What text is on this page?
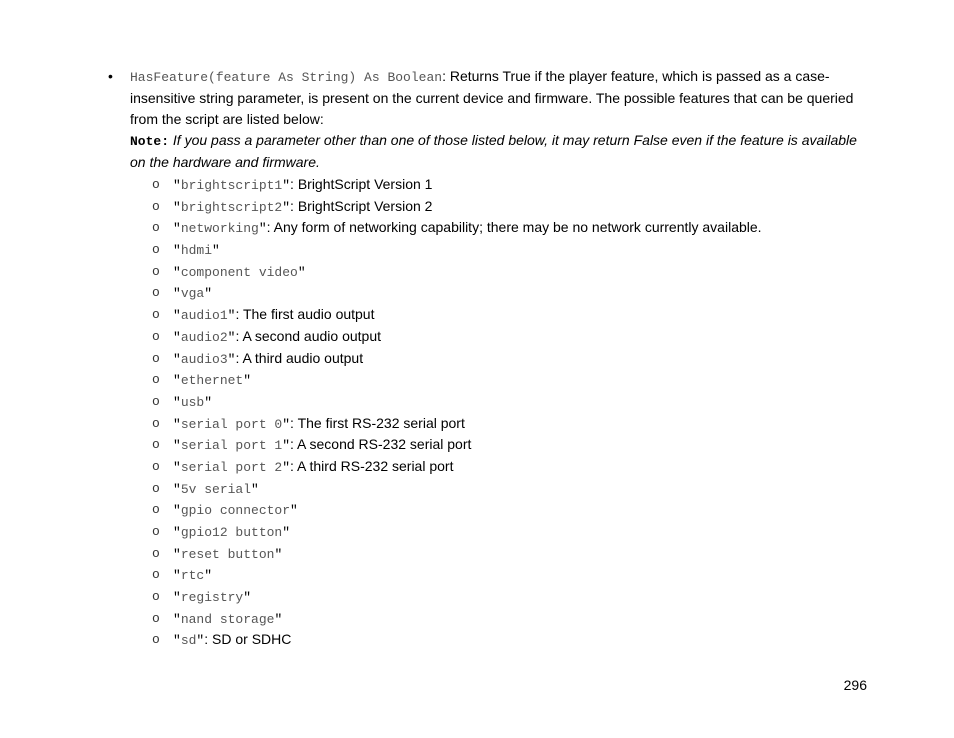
• HasFeature(feature As String) As Boolean: Returns True if the player feature, which is passed as a case-insensitive string parameter, is present on the current device and firmware. The possible features that can be queried from the script are listed below:
Note: If you pass a parameter other than one of those listed below, it may return False even if the feature is available on the hardware and firmware.
o "brightscript1": BrightScript Version 1
o "brightscript2": BrightScript Version 2
o "networking": Any form of networking capability; there may be no network currently available.
o "hdmi"
o "component video"
o "vga"
o "audio1": The first audio output
o "audio2": A second audio output
o "audio3": A third audio output
o "ethernet"
o "usb"
o "serial port 0": The first RS-232 serial port
o "serial port 1": A second RS-232 serial port
o "serial port 2": A third RS-232 serial port
o "5v serial"
o "gpio connector"
o "gpio12 button"
o "reset button"
o "rtc"
o "registry"
o "nand storage"
o "sd": SD or SDHC
296
